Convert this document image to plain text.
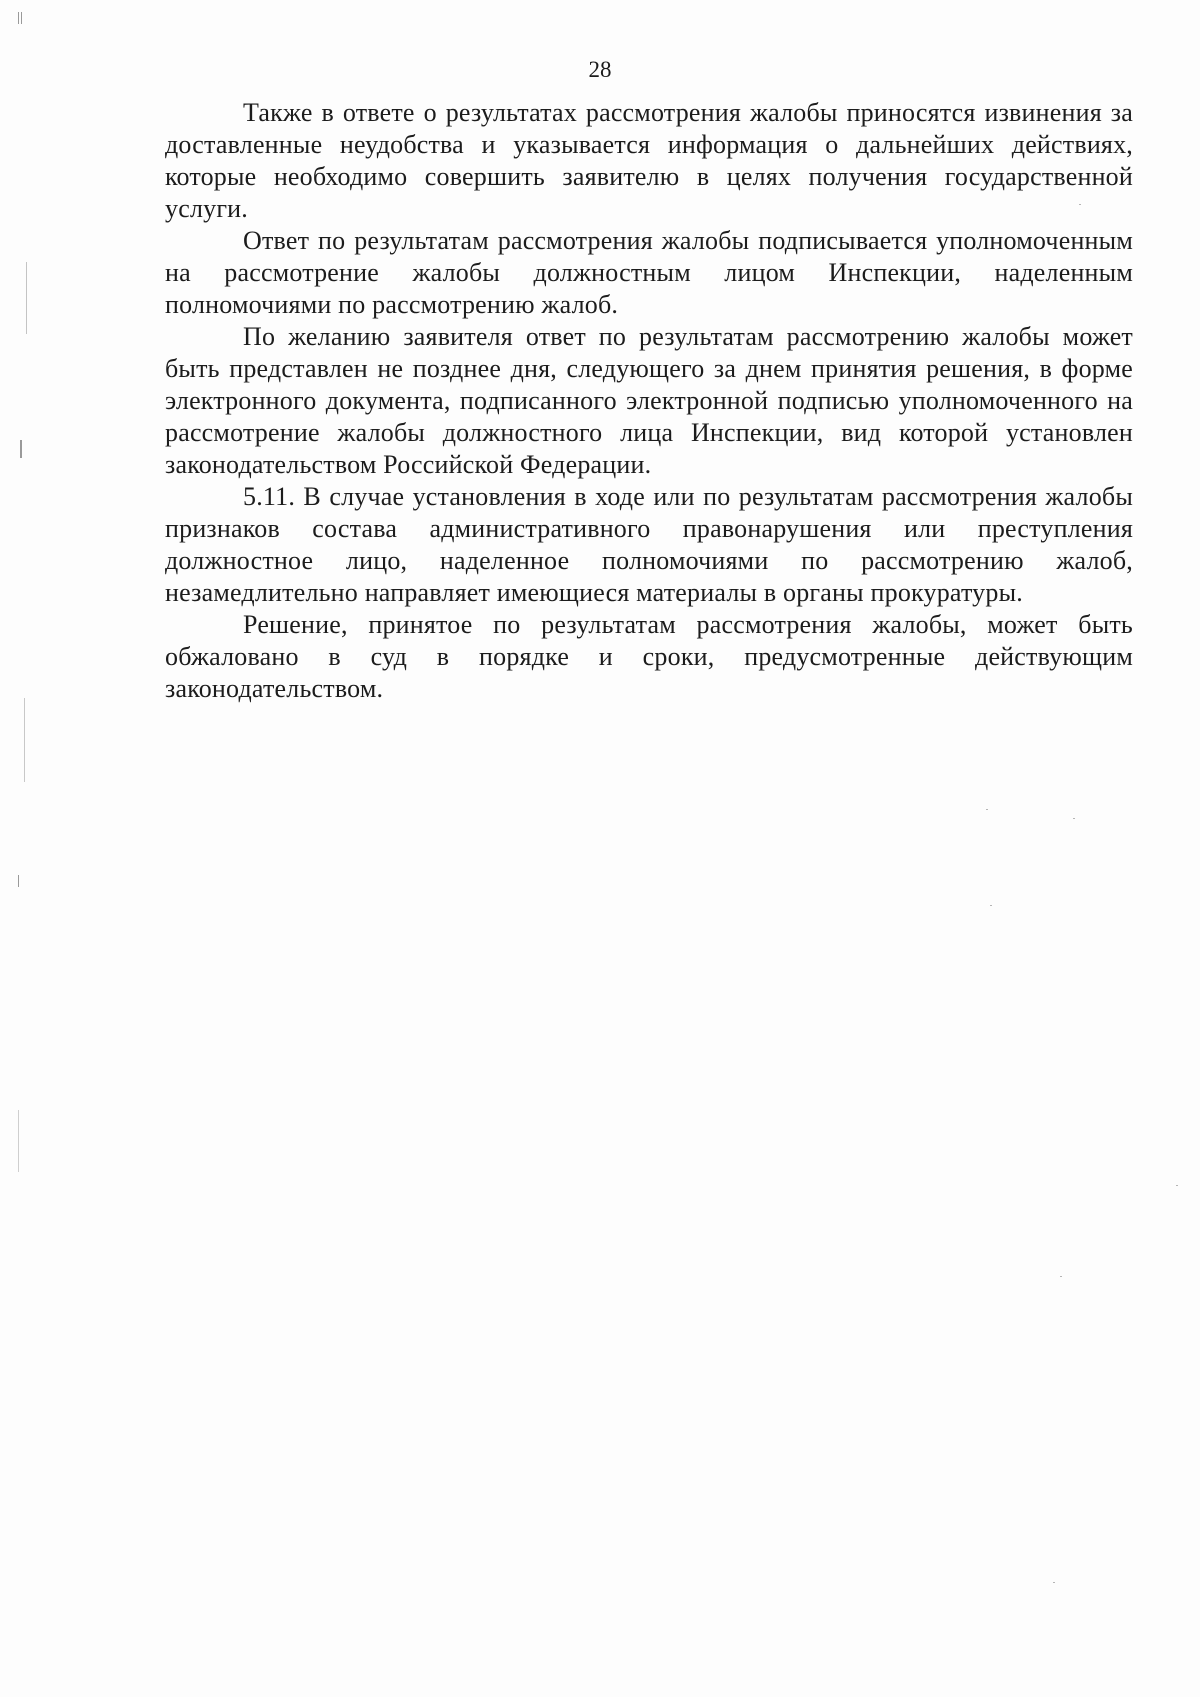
28

Также в ответе о результатах рассмотрения жалобы приносятся извинения за доставленные неудобства и указывается информация о дальнейших действиях, которые необходимо совершить заявителю в целях получения государственной услуги.

Ответ по результатам рассмотрения жалобы подписывается уполномоченным на рассмотрение жалобы должностным лицом Инспекции, наделенным полномочиями по рассмотрению жалоб.

По желанию заявителя ответ по результатам рассмотрению жалобы может быть представлен не позднее дня, следующего за днем принятия решения, в форме электронного документа, подписанного электронной подписью уполномоченного на рассмотрение жалобы должностного лица Инспекции, вид которой установлен законодательством Российской Федерации.

5.11. В случае установления в ходе или по результатам рассмотрения жалобы признаков состава административного правонарушения или преступления должностное лицо, наделенное полномочиями по рассмотрению жалоб, незамедлительно направляет имеющиеся материалы в органы прокуратуры.

Решение, принятое по результатам рассмотрения жалобы, может быть обжаловано в суд в порядке и сроки, предусмотренные действующим законодательством.
